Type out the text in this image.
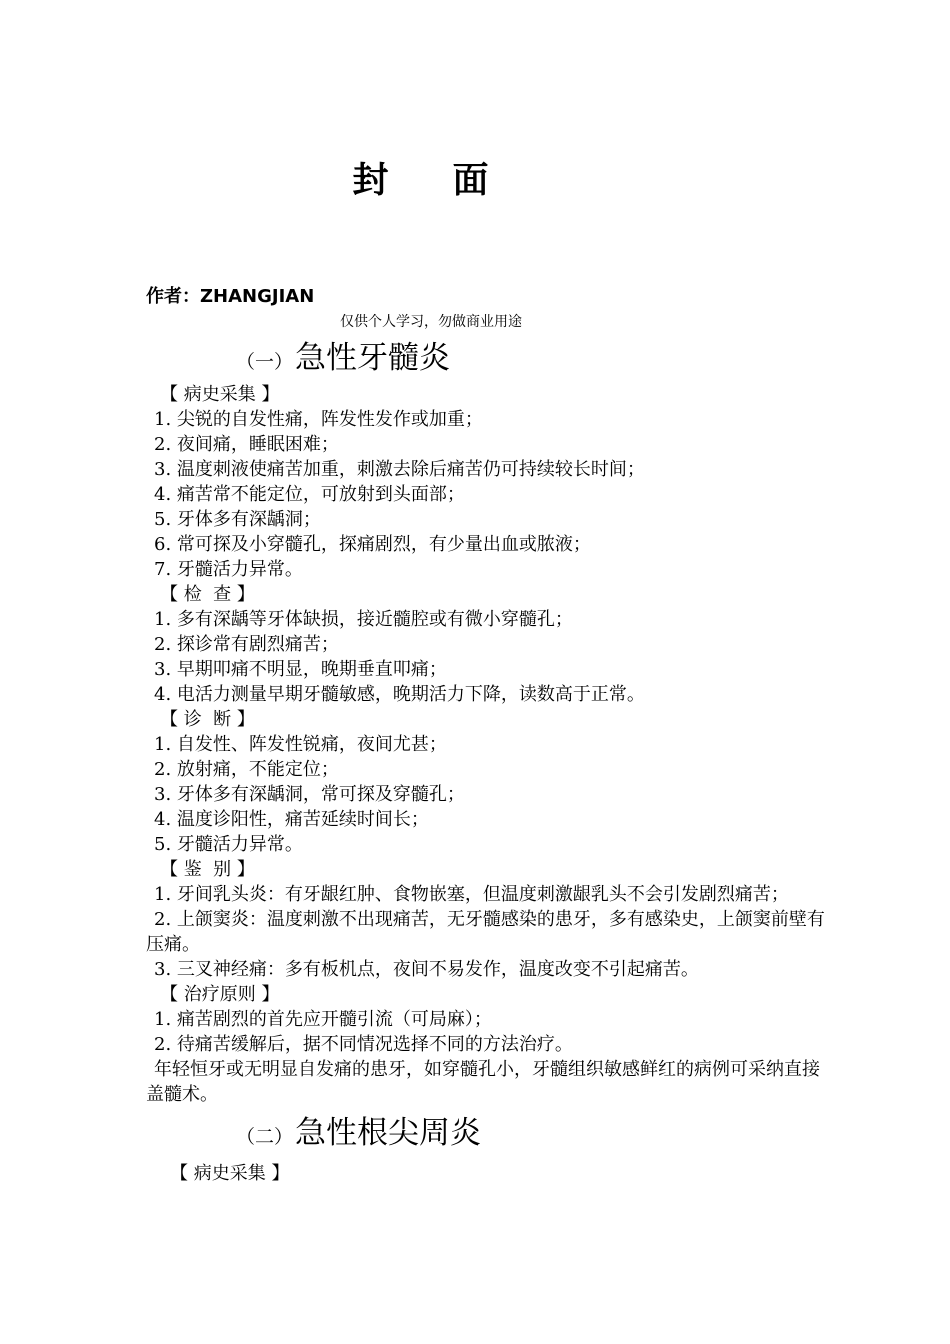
封 面
作者：ZHANGJIAN
仅供个人学习，勿做商业用途
（一）急性牙髓炎
【 病史采集 】
1. 尖锐的自发性痛，阵发性发作或加重；
2. 夜间痛，睡眠困难；
3. 温度刺液使痛苦加重，刺激去除后痛苦仍可持续较长时间；
4. 痛苦常不能定位，可放射到头面部；
5. 牙体多有深龋洞；
6. 常可探及小穿髓孔，探痛剧烈，有少量出血或脓液；
7. 牙髓活力异常。
【 检  查 】
1. 多有深龋等牙体缺损，接近髓腔或有微小穿髓孔；
2. 探诊常有剧烈痛苦；
3. 早期叩痛不明显，晚期垂直叩痛；
4. 电活力测量早期牙髓敏感，晚期活力下降，读数高于正常。
【 诊  断 】
1. 自发性、阵发性锐痛，夜间尤甚；
2. 放射痛，不能定位；
3. 牙体多有深龋洞，常可探及穿髓孔；
4. 温度诊阳性，痛苦延续时间长；
5. 牙髓活力异常。
【 鉴  别 】
1. 牙间乳头炎：有牙龈红肿、食物嵌塞，但温度刺激龈乳头不会引发剧烈痛苦；
2. 上颌窦炎：温度刺激不出现痛苦，无牙髓感染的患牙，多有感染史，上颌窦前壁有压痛。
3. 三叉神经痛：多有板机点，夜间不易发作，温度改变不引起痛苦。
【 治疗原则 】
1. 痛苦剧烈的首先应开髓引流（可局麻）；
2. 待痛苦缓解后，据不同情况选择不同的方法治疗。
年轻恒牙或无明显自发痛的患牙，如穿髓孔小，牙髓组织敏感鲜红的病例可采纳直接盖髓术。
（二）急性根尖周炎
【 病史采集 】
